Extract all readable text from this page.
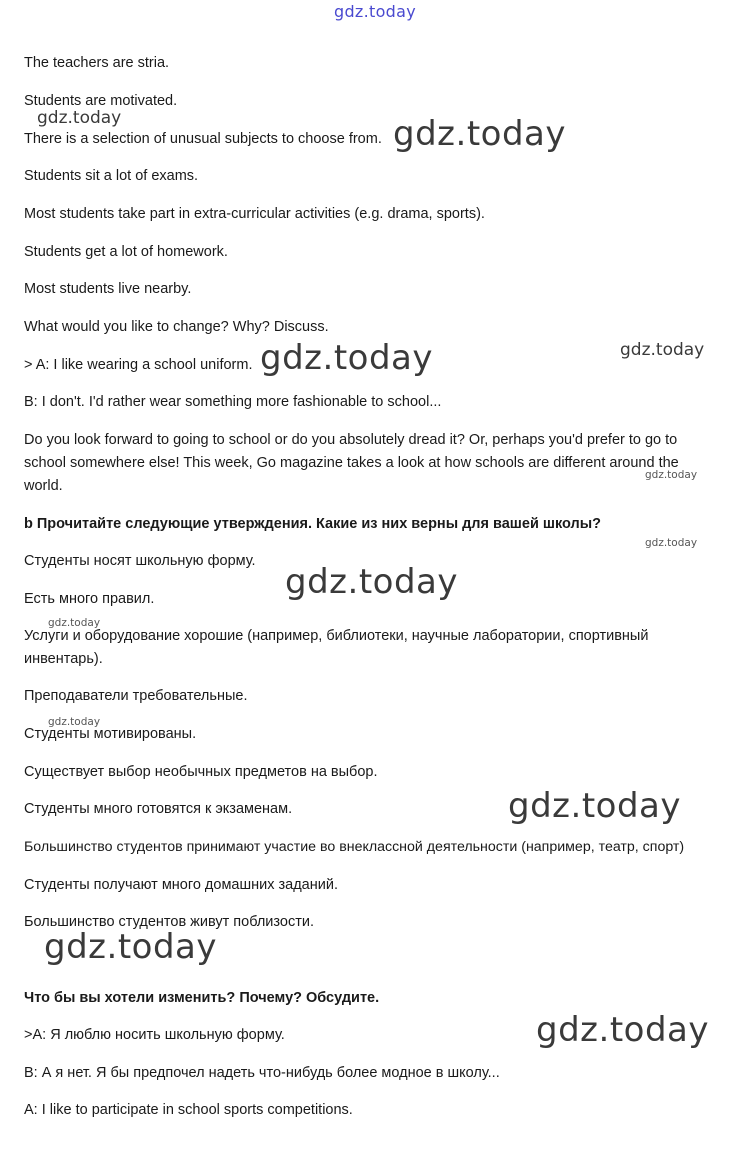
gdz.today
The teachers are stria.
Students are motivated.
There is a selection of unusual subjects to choose from.
Students sit a lot of exams.
Most students take part in extra-curricular activities (e.g. drama, sports).
Students get a lot of homework.
Most students live nearby.
What would you like to change? Why? Discuss.
> A: I like wearing a school uniform.
B: I don't. I'd rather wear something more fashionable to school...
Do you look forward to going to school or do you absolutely dread it? Or, perhaps you'd prefer to go to school somewhere else! This week, Go magazine takes a look at how schools are different around the world.
b Прочитайте следующие утверждения. Какие из них верны для вашей школы?
Студенты носят школьную форму.
Есть много правил.
Услуги и оборудование хорошие (например, библиотеки, научные лаборатории, спортивный инвентарь).
Преподаватели требовательные.
Студенты мотивированы.
Существует выбор необычных предметов на выбор.
Студенты много готовятся к экзаменам.
Большинство студентов принимают участие во внеклассной деятельности (например, театр, спорт)
Студенты получают много домашних заданий.
Большинство студентов живут поблизости.
Что бы вы хотели изменить? Почему? Обсудите.
>A: Я люблю носить школьную форму.
B: А я нет. Я бы предпочел надеть что-нибудь более модное в школу...
A: I like to participate in school sports competitions.
gdz.today	gdz.today
gdz.today	gdz.today
gdz.today
gdz.today
gdz.today
gdz.today
gdz.today
gdz.today
gdz.today
gdz.today
